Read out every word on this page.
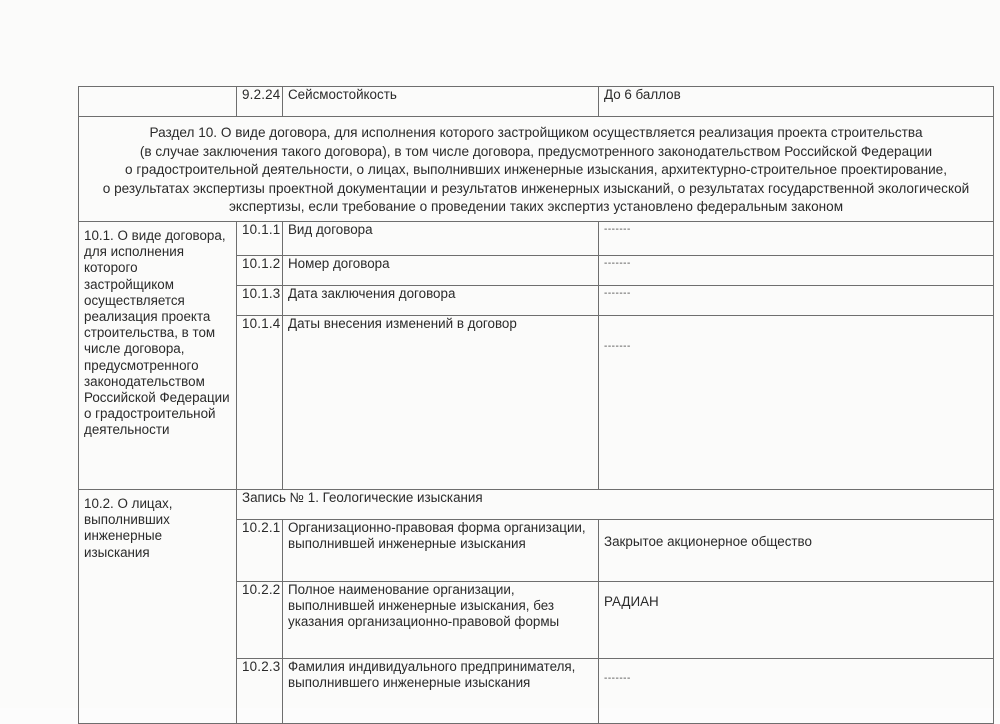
	9.2.24	Сейсмостойкость	До 6 баллов

Раздел 10. О виде договора, для исполнения которого застройщиком осуществляется реализация проекта строительства
(в случае заключения такого договора), в том числе договора, предусмотренного законодательством Российской Федерации
о градостроительной деятельности, о лицах, выполнивших инженерные изыскания, архитектурно-строительное проектирование,
о результатах экспертизы проектной документации и результатов инженерных изысканий, о результатах государственной экологической
экспертизы, если требование о проведении таких экспертиз установлено федеральным законом			

10.1. О виде договора, для исполнения которого застройщиком осуществляется реализация проекта строительства, в том числе договора, предусмотренного законодательством Российской Федерации о градостроительной деятельности	10.1.1	Вид договора	-------
	10.1.2	Номер договора	-------
	10.1.3	Дата заключения договора	-------
	10.1.4	Даты внесения изменений в договор	-------
10.2. О лицах, выполнивших инженерные изыскания	Запись № 1. Геологические изыскания		
	10.2.1	Организационно-правовая форма организации, выполнившей инженерные изыскания	Закрытое акционерное общество
	10.2.2	Полное наименование организации, выполнившей инженерные изыскания, без указания организационно-правовой формы	РАДИАН
	10.2.3	Фамилия индивидуального предпринимателя, выполнившего инженерные изыскания	-------
